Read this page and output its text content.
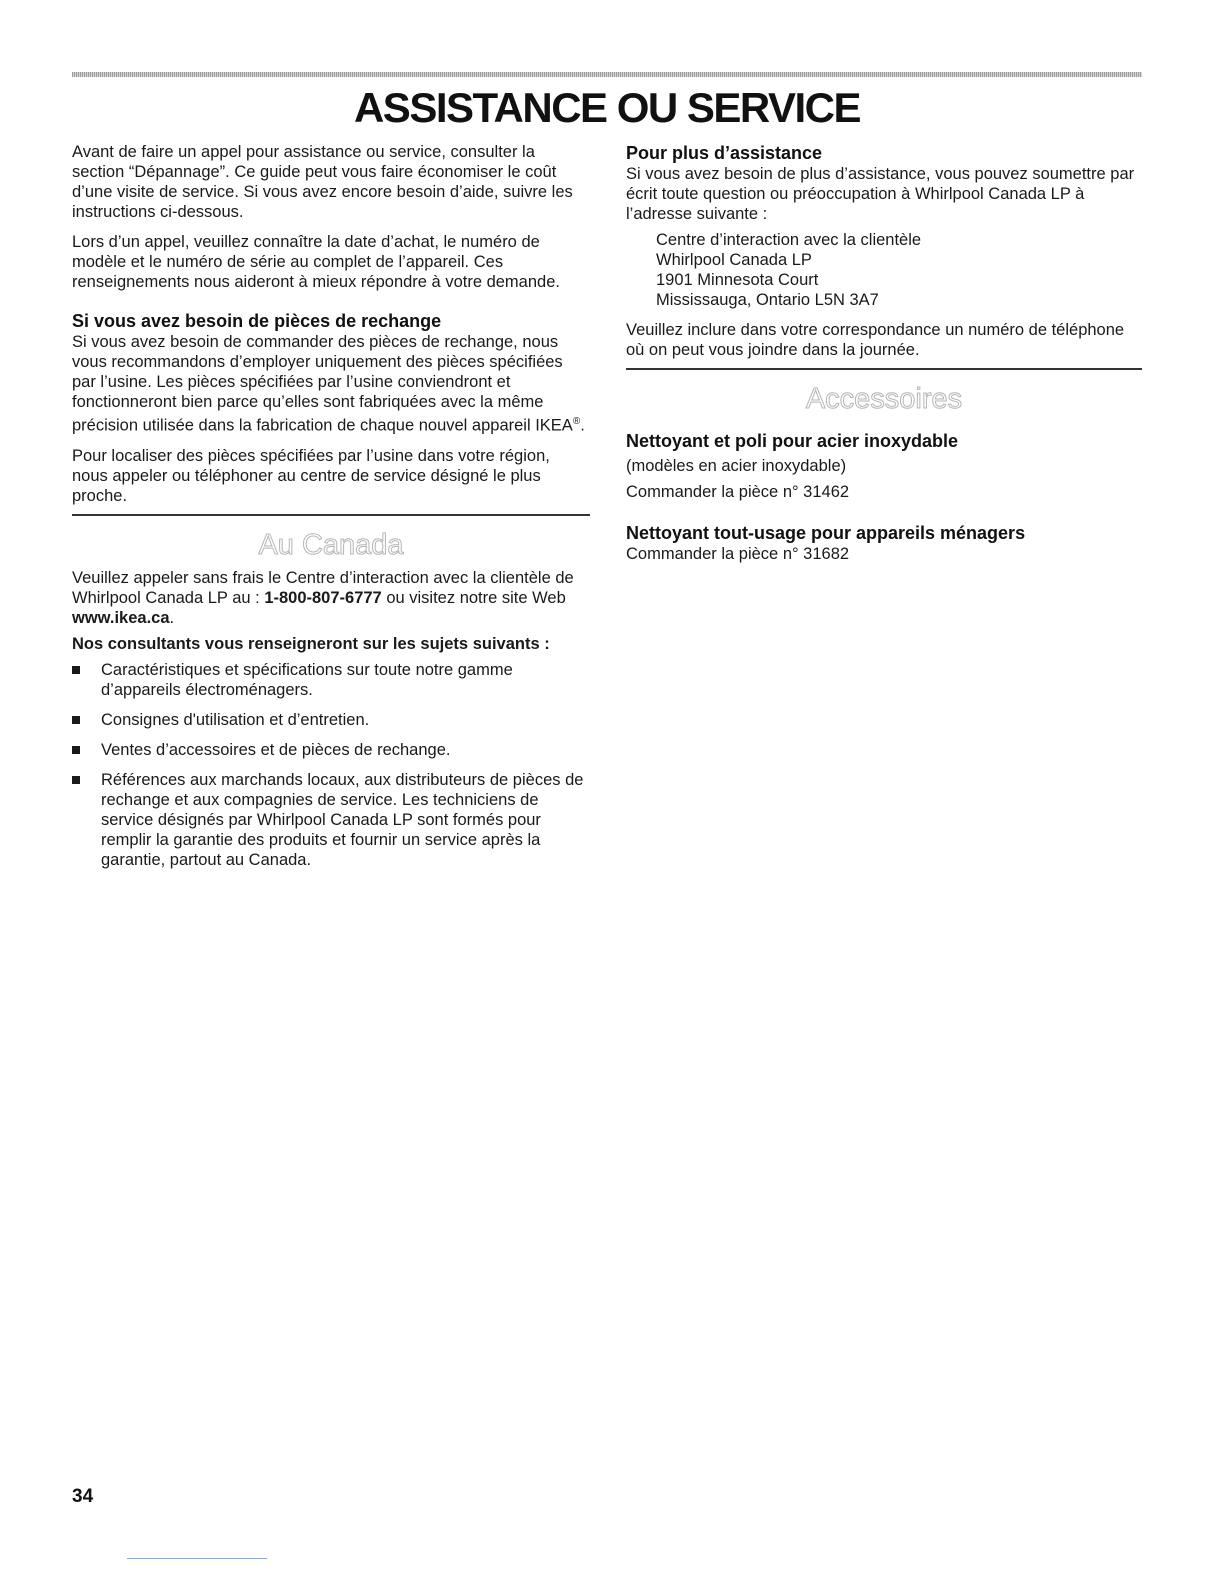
ASSISTANCE OU SERVICE

Avant de faire un appel pour assistance ou service, consulter la section “Dépannage”. Ce guide peut vous faire économiser le coût d’une visite de service. Si vous avez encore besoin d’aide, suivre les instructions ci-dessous.

Lors d’un appel, veuillez connaître la date d’achat, le numéro de modèle et le numéro de série au complet de l’appareil. Ces renseignements nous aideront à mieux répondre à votre demande.

Si vous avez besoin de pièces de rechange

Si vous avez besoin de commander des pièces de rechange, nous vous recommandons d’employer uniquement des pièces spécifiées par l’usine. Les pièces spécifiées par l’usine conviendront et fonctionneront bien parce qu’elles sont fabriquées avec la même précision utilisée dans la fabrication de chaque nouvel appareil IKEA®.

Pour localiser des pièces spécifiées par l’usine dans votre région, nous appeler ou téléphoner au centre de service désigné le plus proche.

Au Canada

Veuillez appeler sans frais le Centre d’interaction avec la clientèle de Whirlpool Canada LP au : 1-800-807-6777 ou visitez notre site Web www.ikea.ca.

Nos consultants vous renseigneront sur les sujets suivants :

Caractéristiques et spécifications sur toute notre gamme d’appareils électroménagers.
Consignes d'utilisation et d’entretien.
Ventes d’accessoires et de pièces de rechange.
Références aux marchands locaux, aux distributeurs de pièces de rechange et aux compagnies de service. Les techniciens de service désignés par Whirlpool Canada LP sont formés pour remplir la garantie des produits et fournir un service après la garantie, partout au Canada.
Pour plus d’assistance

Si vous avez besoin de plus d’assistance, vous pouvez soumettre par écrit toute question ou préoccupation à Whirlpool Canada LP à l’adresse suivante :

Centre d’interaction avec la clientèle
Whirlpool Canada LP
1901 Minnesota Court
Mississauga, Ontario L5N 3A7

Veuillez inclure dans votre correspondance un numéro de téléphone où on peut vous joindre dans la journée.

Accessoires
Nettoyant et poli pour acier inoxydable

(modèles en acier inoxydable)

Commander la pièce n° 31462

Nettoyant tout-usage pour appareils ménagers

Commander la pièce n° 31682

34
